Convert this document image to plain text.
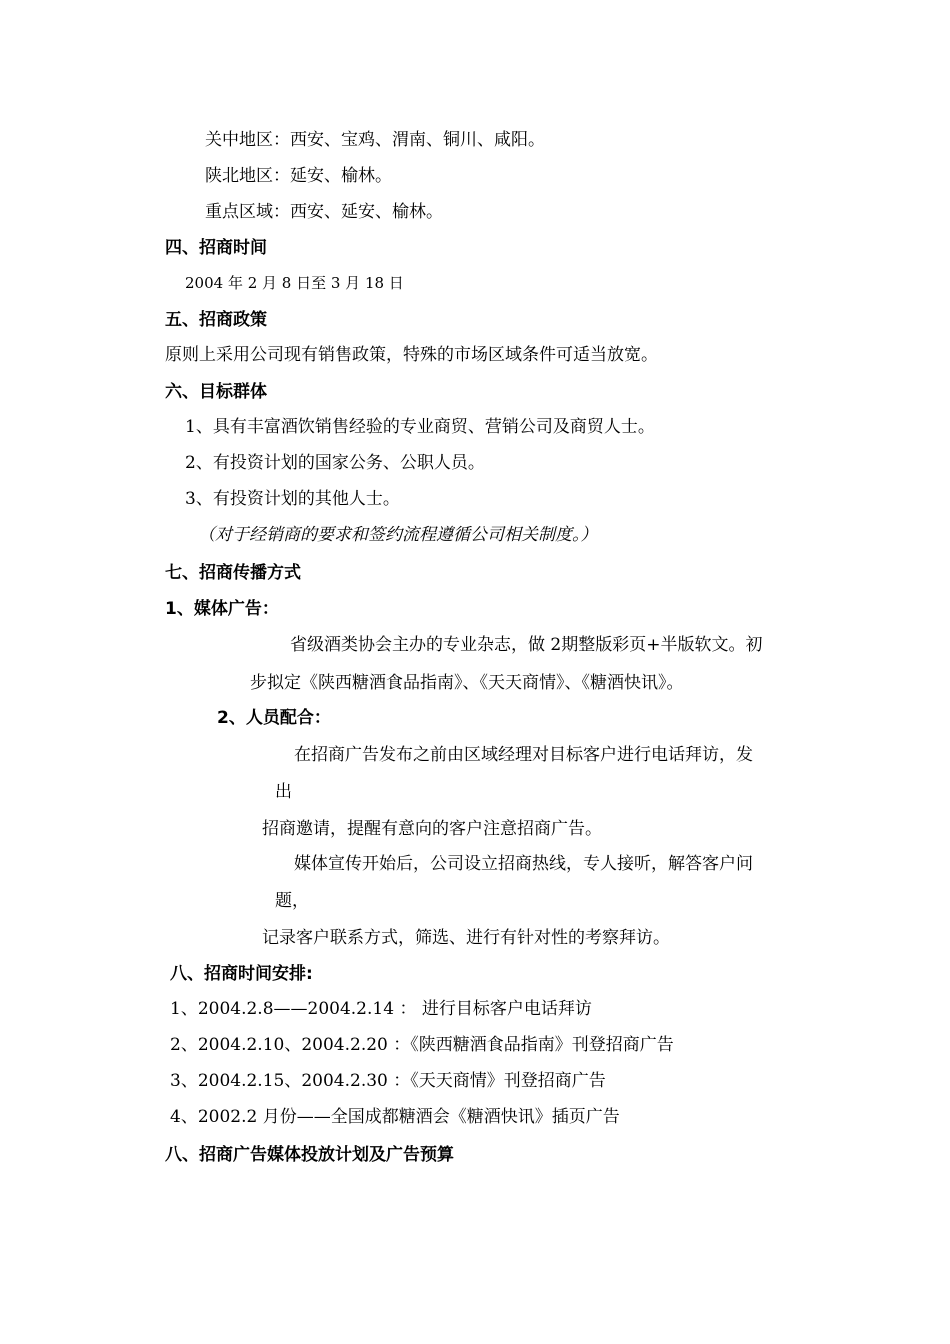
关中地区：西安、宝鸡、渭南、铜川、咸阳。
陕北地区：延安、榆林。
重点区域：西安、延安、榆林。
四、招商时间
2004 年 2 月 8 日至 3 月 18 日
五、招商政策
原则上采用公司现有销售政策，特殊的市场区域条件可适当放宽。
六、目标群体
1、具有丰富酒饮销售经验的专业商贸、营销公司及商贸人士。
2、有投资计划的国家公务、公职人员。
3、有投资计划的其他人士。
（对于经销商的要求和签约流程遵循公司相关制度。）
七、招商传播方式
1、媒体广告：
省级酒类协会主办的专业杂志，做 2期整版彩页+半版软文。初
步拟定《陕西糖酒食品指南》、《天天商情》、《糖酒快讯》。
2、人员配合：
在招商广告发布之前由区域经理对目标客户进行电话拜访，发
出
招商邀请，提醒有意向的客户注意招商广告。
媒体宣传开始后，公司设立招商热线，专人接听，解答客户问
题，
记录客户联系方式，筛选、进行有针对性的考察拜访。
八、招商时间安排:
1、2004.2.8——2004.2.14 ： 进行目标客户电话拜访
2、2004.2.10、2004.2.20 ：《陕西糖酒食品指南》刊登招商广告
3、2004.2.15、2004.2.30 ：《天天商情》刊登招商广告
4、2002.2 月份——全国成都糖酒会《糖酒快讯》插页广告
八、招商广告媒体投放计划及广告预算
